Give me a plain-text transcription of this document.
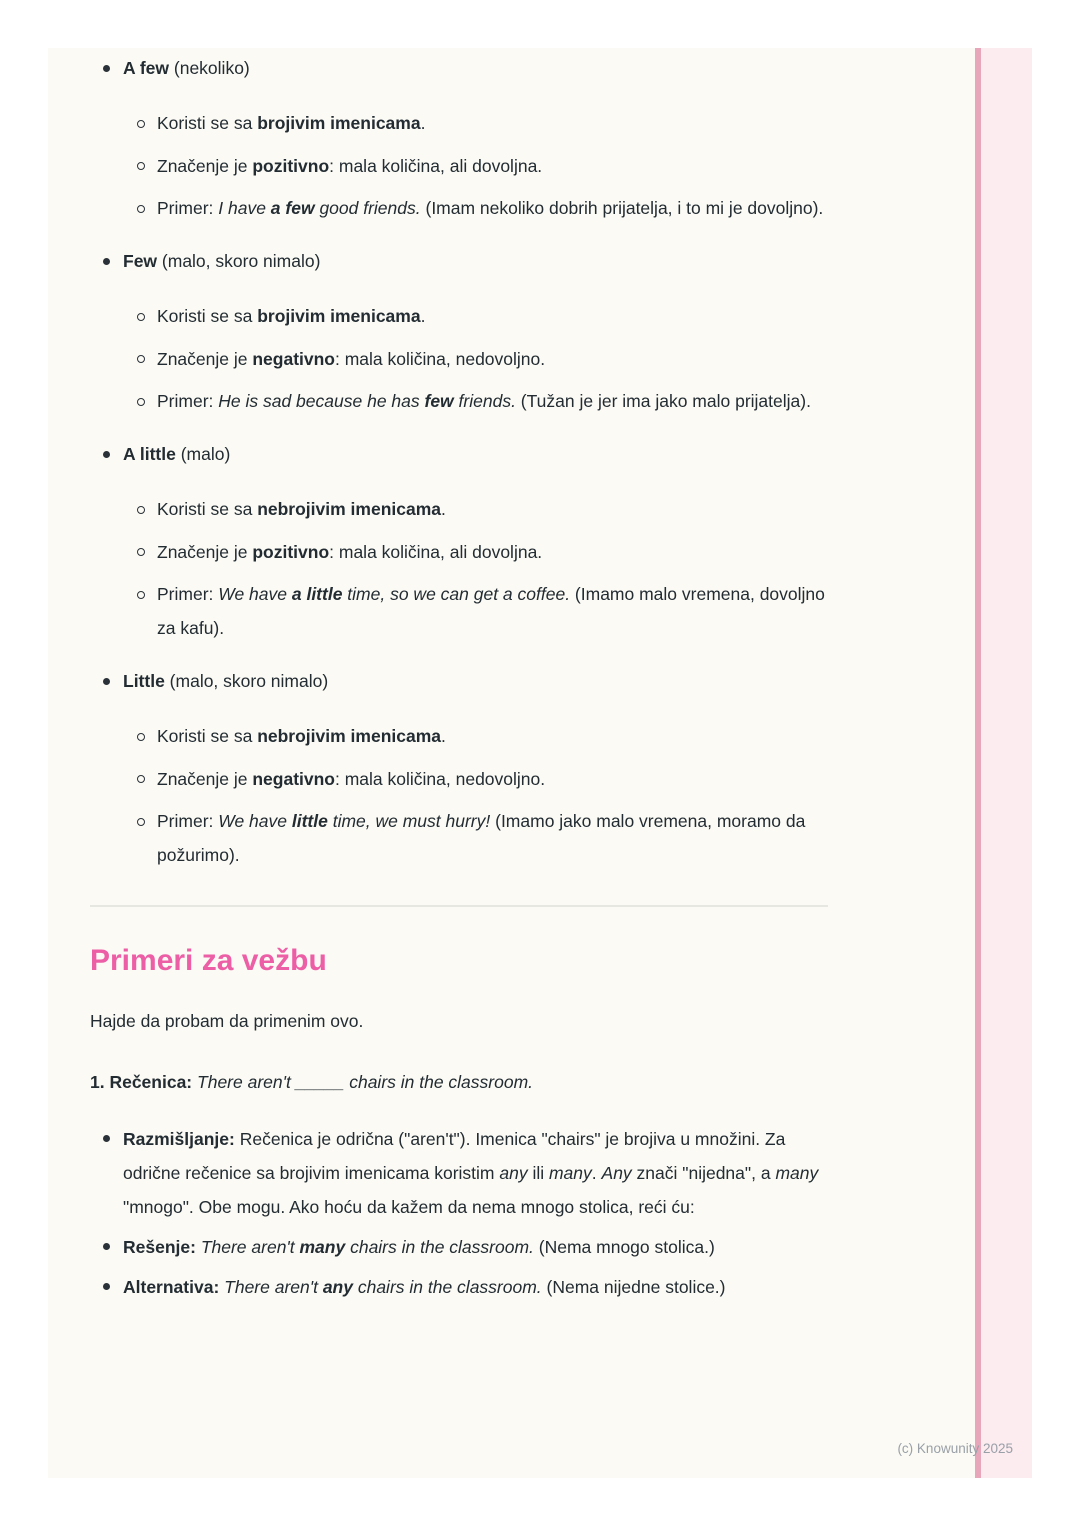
A few (nekoliko)
Koristi se sa brojivim imenicama.
Značenje je pozitivno: mala količina, ali dovoljna.
Primer: I have a few good friends. (Imam nekoliko dobrih prijatelja, i to mi je dovoljno).
Few (malo, skoro nimalo)
Koristi se sa brojivim imenicama.
Značenje je negativno: mala količina, nedovoljno.
Primer: He is sad because he has few friends. (Tužan je jer ima jako malo prijatelja).
A little (malo)
Koristi se sa nebrojivim imenicama.
Značenje je pozitivno: mala količina, ali dovoljna.
Primer: We have a little time, so we can get a coffee. (Imamo malo vremena, dovoljno za kafu).
Little (malo, skoro nimalo)
Koristi se sa nebrojivim imenicama.
Značenje je negativno: mala količina, nedovoljno.
Primer: We have little time, we must hurry! (Imamo jako malo vremena, moramo da požurimo).
Primeri za vežbu

Hajde da probam da primenim ovo.

1. Rečenica: There aren't _____ chairs in the classroom.

Razmišljanje: Rečenica je odrična ("aren't"). Imenica "chairs" je brojiva u množini. Za odrične rečenice sa brojivim imenicama koristim any ili many. Any znači "nijedna", a many "mnogo". Obe mogu. Ako hoću da kažem da nema mnogo stolica, reći ću:
Rešenje: There aren't many chairs in the classroom. (Nema mnogo stolica.)
Alternativa: There aren't any chairs in the classroom. (Nema nijedne stolice.)
(c) Knowunity 2025
